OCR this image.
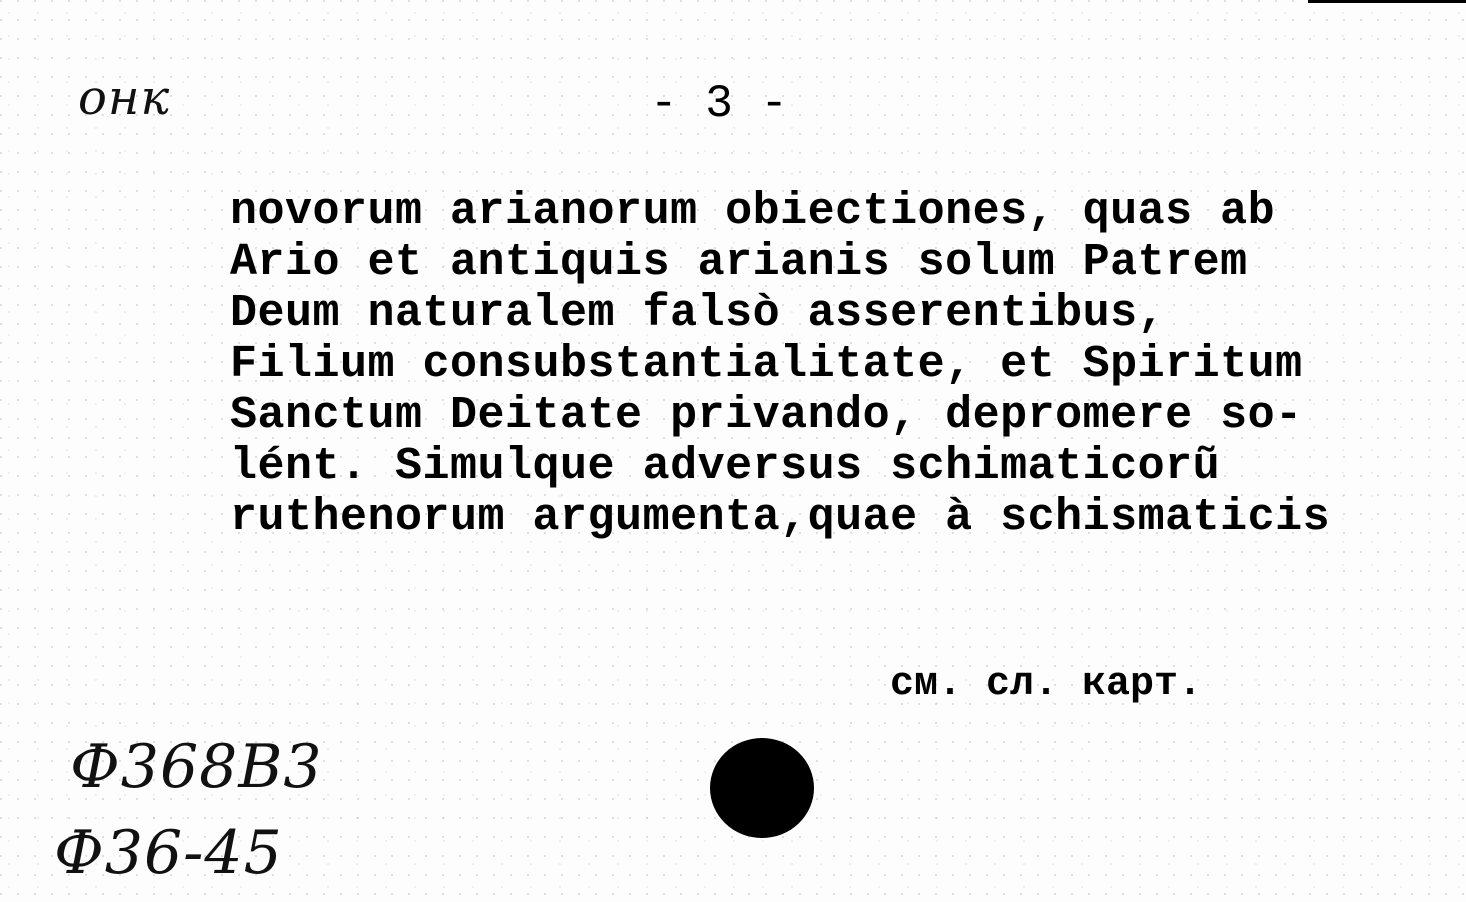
онк	- 3 -

novorum arianorum obiectiones, quas ab
Ario et antiquis arianis solum Patrem
Deum naturalem falsò asserentibus,
Filium consubstantialitate, et Spiritum
Sanctum Deitate privando, depromere so-
lént. Simulque adversus schimaticorũ
ruthenorum argumenta,quae à schismaticis

см. сл. карт.

Ф368В3

Ф36-45
